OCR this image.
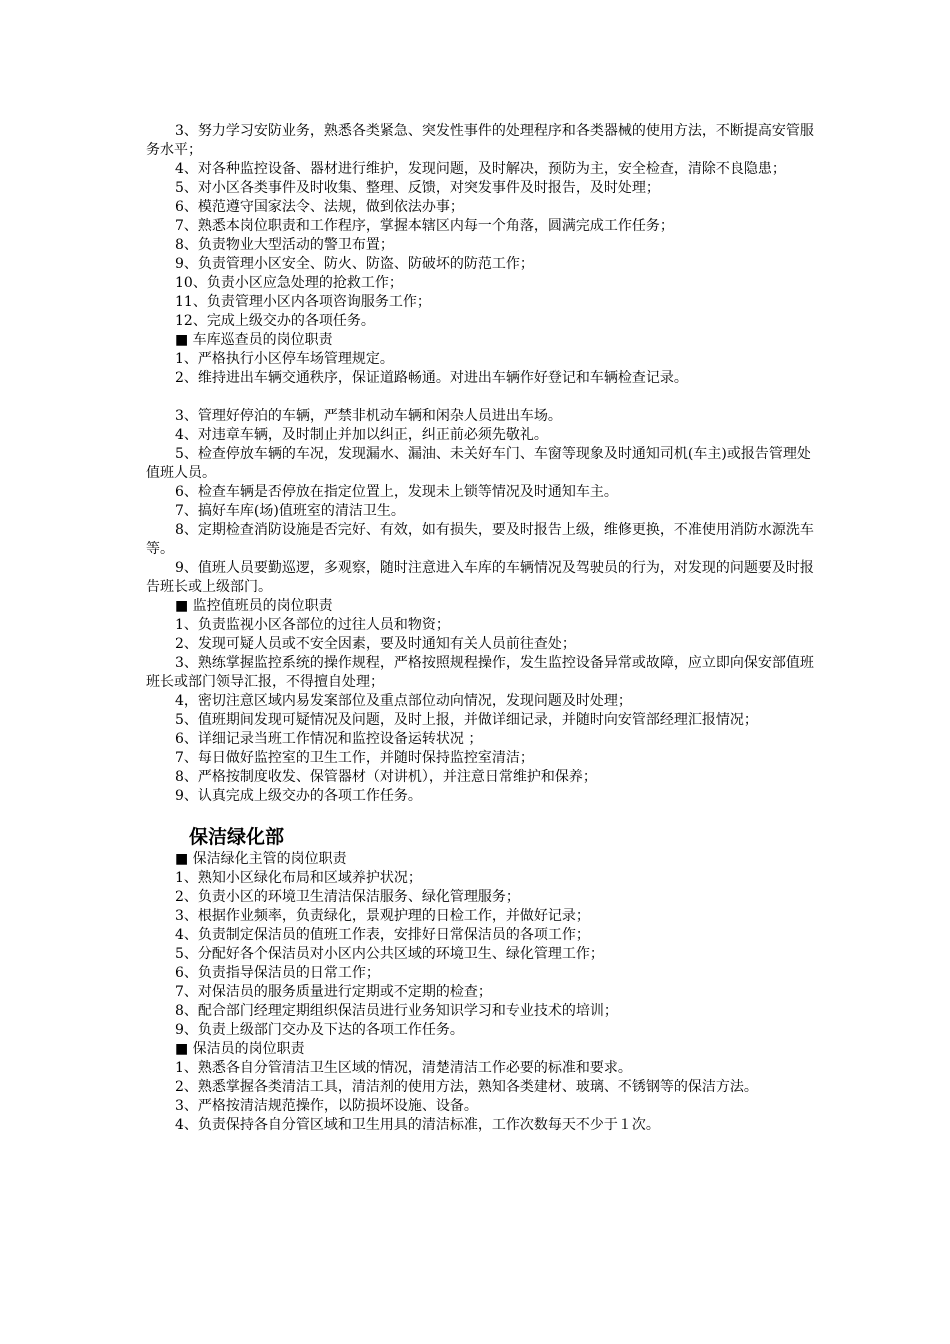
3、努力学习安防业务，熟悉各类紧急、突发性事件的处理程序和各类器械的使用方法，不断提高安管服务水平；

4、对各种监控设备、器材进行维护，发现问题，及时解决，预防为主，安全检查，清除不良隐患；

5、对小区各类事件及时收集、整理、反馈，对突发事件及时报告，及时处理；

6、模范遵守国家法令、法规，做到依法办事；

7、熟悉本岗位职责和工作程序，掌握本辖区内每一个角落，圆满完成工作任务；

8、负责物业大型活动的警卫布置；

9、负责管理小区安全、防火、防盗、防破坏的防范工作；

10、负责小区应急处理的抢救工作；

11、负责管理小区内各项咨询服务工作；

12、完成上级交办的各项任务。

■ 车库巡查员的岗位职责

1、严格执行小区停车场管理规定。

2、维持进出车辆交通秩序，保证道路畅通。对进出车辆作好登记和车辆检查记录。

3、管理好停泊的车辆，严禁非机动车辆和闲杂人员进出车场。

4、对违章车辆，及时制止并加以纠正，纠正前必须先敬礼。

5、检查停放车辆的车况，发现漏水、漏油、未关好车门、车窗等现象及时通知司机(车主)或报告管理处值班人员。

6、检查车辆是否停放在指定位置上，发现未上锁等情况及时通知车主。

7、搞好车库(场)值班室的清洁卫生。

8、定期检查消防设施是否完好、有效，如有损失，要及时报告上级，维修更换，不准使用消防水源洗车等。

9、值班人员要勤巡逻，多观察，随时注意进入车库的车辆情况及驾驶员的行为，对发现的问题要及时报告班长或上级部门。

■ 监控值班员的岗位职责

1、负责监视小区各部位的过往人员和物资；

2、发现可疑人员或不安全因素，要及时通知有关人员前往查处；

3、熟练掌握监控系统的操作规程，严格按照规程操作，发生监控设备异常或故障，应立即向保安部值班班长或部门领导汇报，不得擅自处理；

4，密切注意区域内易发案部位及重点部位动向情况，发现问题及时处理；

5、值班期间发现可疑情况及问题，及时上报，并做详细记录，并随时向安管部经理汇报情况；

6、详细记录当班工作情况和监控设备运转状况 ；

7、每日做好监控室的卫生工作，并随时保持监控室清洁；

8、严格按制度收发、保管器材（对讲机），并注意日常维护和保养；

9、认真完成上级交办的各项工作任务。

保洁绿化部

■ 保洁绿化主管的岗位职责

1、熟知小区绿化布局和区域养护状况；

2、负责小区的环境卫生清洁保洁服务、绿化管理服务；

3、根据作业频率，负责绿化，景观护理的日检工作，并做好记录；

4、负责制定保洁员的值班工作表，安排好日常保洁员的各项工作；

5、分配好各个保洁员对小区内公共区域的环境卫生、绿化管理工作；

6、负责指导保洁员的日常工作；

7、对保洁员的服务质量进行定期或不定期的检查；

8、配合部门经理定期组织保洁员进行业务知识学习和专业技术的培训；

9、负责上级部门交办及下达的各项工作任务。

■ 保洁员的岗位职责

1、熟悉各自分管清洁卫生区域的情况，清楚清洁工作必要的标准和要求。

2、熟悉掌握各类清洁工具，清洁剂的使用方法，熟知各类建材、玻璃、不锈钢等的保洁方法。

3、严格按清洁规范操作，以防损坏设施、设备。

4、负责保持各自分管区域和卫生用具的清洁标准，工作次数每天不少于１次。
